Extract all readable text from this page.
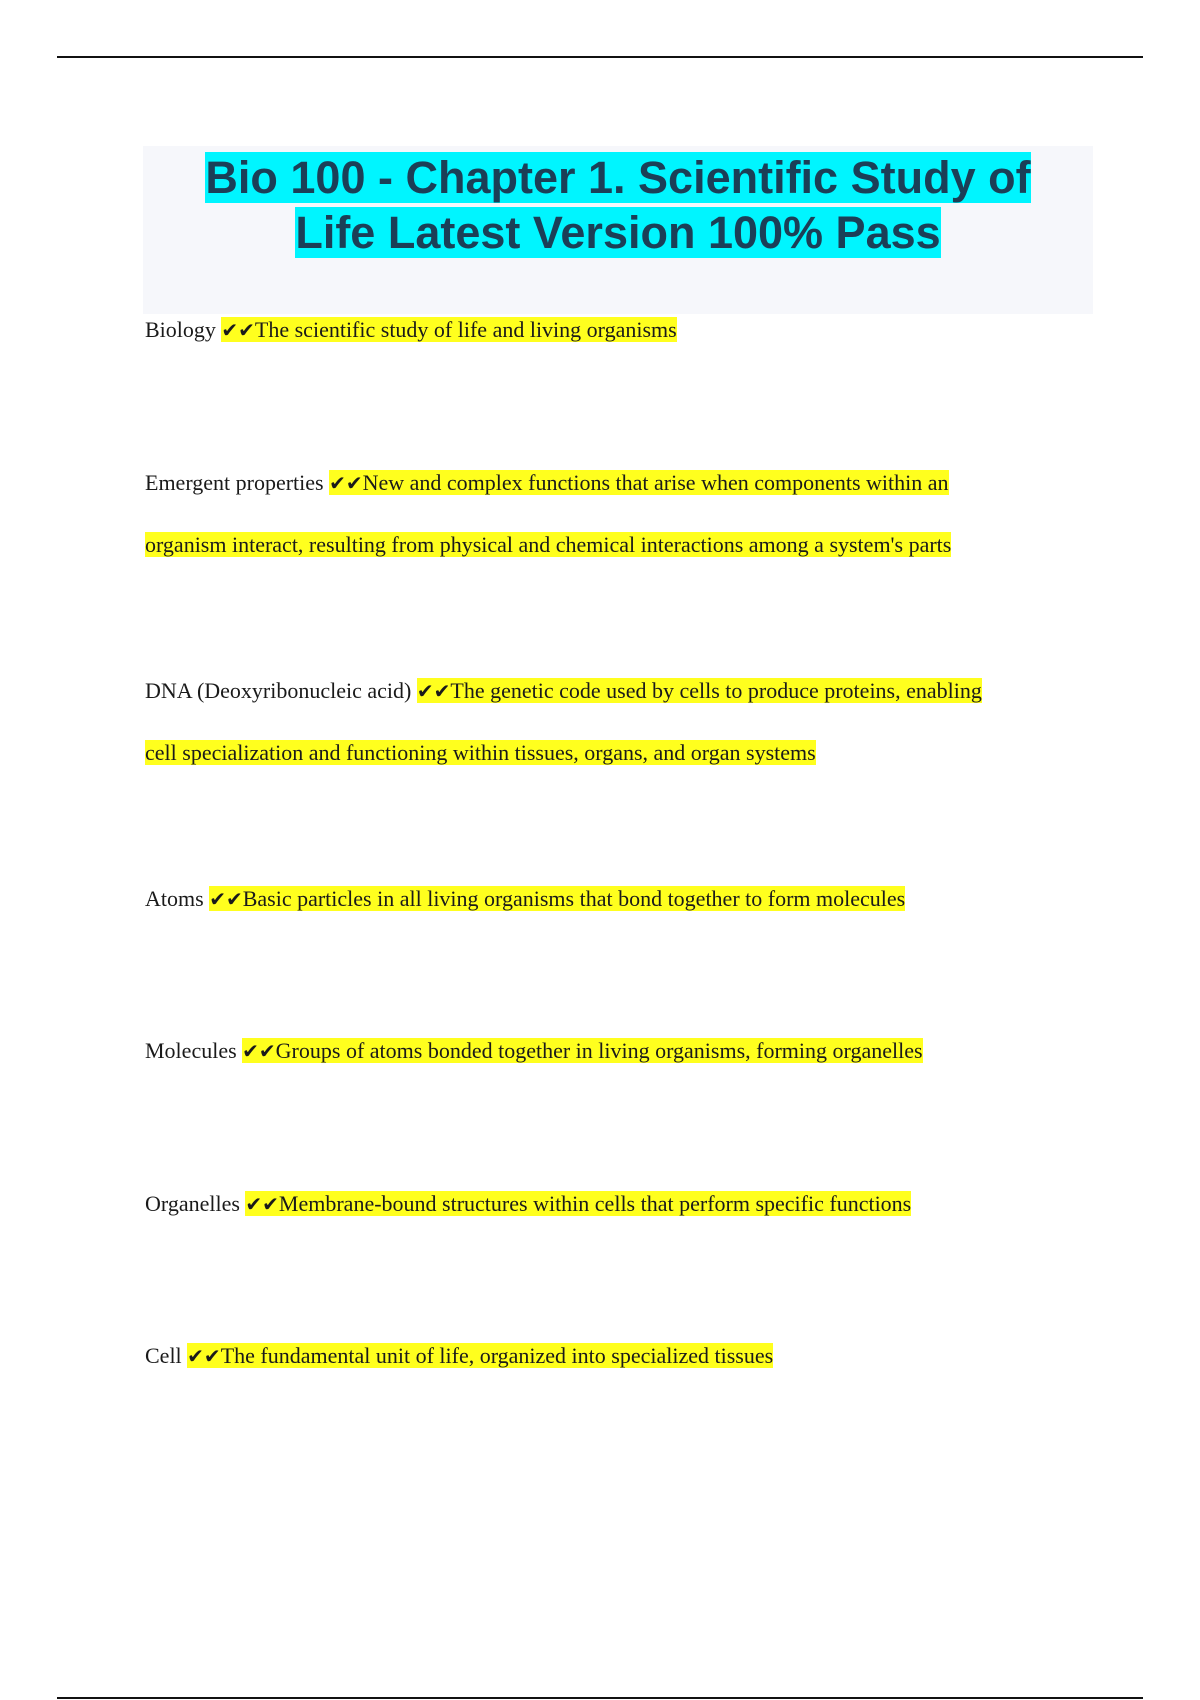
Bio 100 - Chapter 1. Scientific Study of
Life Latest Version 100% Pass
Biology ✔✔The scientific study of life and living organisms
Emergent properties ✔✔New and complex functions that arise when components within an
organism interact, resulting from physical and chemical interactions among a system's parts
DNA (Deoxyribonucleic acid) ✔✔The genetic code used by cells to produce proteins, enabling
cell specialization and functioning within tissues, organs, and organ systems
Atoms ✔✔Basic particles in all living organisms that bond together to form molecules
Molecules ✔✔Groups of atoms bonded together in living organisms, forming organelles
Organelles ✔✔Membrane-bound structures within cells that perform specific functions
Cell ✔✔The fundamental unit of life, organized into specialized tissues
